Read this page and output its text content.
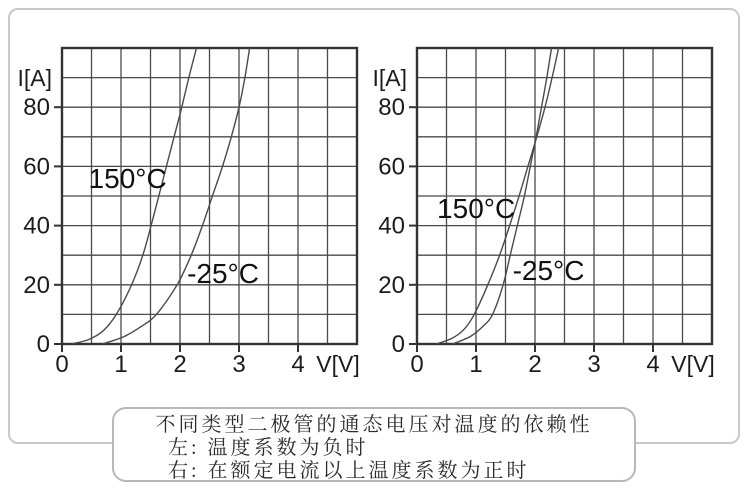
0 1 2 3 4 V[V]
0
20
40
60
80
I[A]
150°C
-25°C
0 1 2 3 4 V[V]
0
20
40
60
80
I[A]
150°C
-25°C
不同类型二极管的通态电压对温度的依赖性
左: 温度系数为负时
右: 在额定电流以上温度系数为正时
